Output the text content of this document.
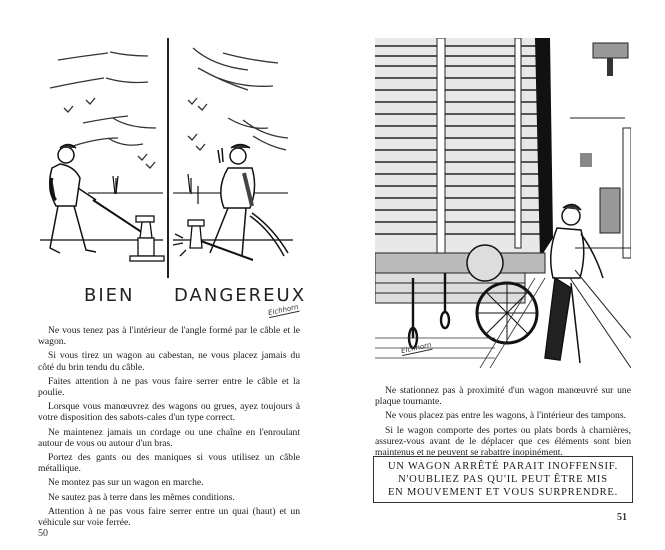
BIEN DANGEREUX
Eichhorn

Ne vous tenez pas à l'intérieur de l'angle formé par le câble et le wagon.

Si vous tirez un wagon au cabestan, ne vous placez jamais du côté du brin tendu du câble.

Faites attention à ne pas vous faire serrer entre le câble et la poulie.

Lorsque vous manœuvrez des wagons ou grues, ayez toujours à votre disposition des sabots-cales d'un type correct.

Ne maintenez jamais un cordage ou une chaîne en l'enroulant autour de vous ou autour d'un bras.

Portez des gants ou des maniques si vous utilisez un câble métallique.

Ne montez pas sur un wagon en marche.

Ne sautez pas à terre dans les mêmes conditions.

Attention à ne pas vous faire serrer entre un quai (haut) et un véhicule sur voie ferrée.

50
Eichhorn

Ne stationnez pas à proximité d'un wagon manœuvré sur une plaque tournante.

Ne vous placez pas entre les wagons, à l'intérieur des tampons.

Si le wagon comporte des portes ou plats bords à charnières, assurez-vous avant de le déplacer que ces éléments sont bien maintenus et ne peuvent se rabattre inopinément.

UN WAGON ARRÊTÉ PARAIT INOFFENSIF.
N'OUBLIEZ PAS QU'IL PEUT ÊTRE MIS
EN MOUVEMENT ET VOUS SURPRENDRE.
51
